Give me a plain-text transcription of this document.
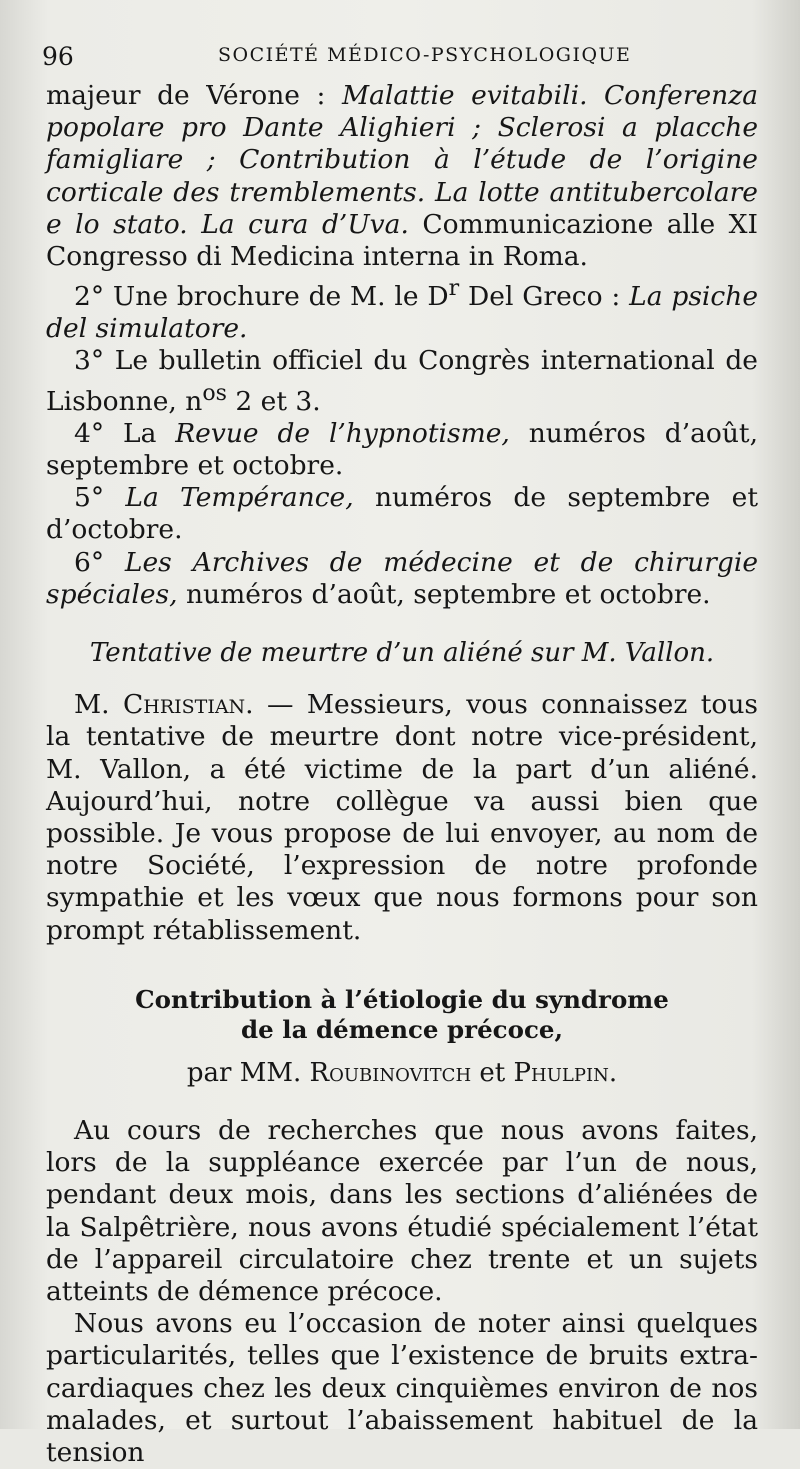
96	SOCIÉTÉ MÉDICO-PSYCHOLOGIQUE

majeur de Vérone : Malattie evitabili. Conferenza popolare pro Dante Alighieri ; Sclerosi a placche famigliare ; Contribution à l’étude de l’origine corticale des tremblements. La lotte antitubercolare e lo stato. La cura d’Uva. Communicazione alle XI Congresso di Medicina interna in Roma.

2° Une brochure de M. le $D^r$ Del Greco : La psiche del simulatore.

3° Le bulletin officiel du Congrès international de Lisbonne, $n^{os}$ 2 et 3.

4° La Revue de l’hypnotisme, numéros d’août, septembre et octobre.

5° La Tempérance, numéros de septembre et d’octobre.

6° Les Archives de médecine et de chirurgie spéciales, numéros d’août, septembre et octobre.

Tentative de meurtre d’un aliéné sur M. Vallon.

M. Christian. — Messieurs, vous connaissez tous la tentative de meurtre dont notre vice-président, M. Vallon, a été victime de la part d’un aliéné. Aujourd’hui, notre collègue va aussi bien que possible. Je vous propose de lui envoyer, au nom de notre Société, l’expression de notre profonde sympathie et les vœux que nous formons pour son prompt rétablissement.

Contribution à l’étiologie du syndrome
de la démence précoce,
par MM. Roubinovitch et Phulpin.

Au cours de recherches que nous avons faites, lors de la suppléance exercée par l’un de nous, pendant deux mois, dans les sections d’aliénées de la Salpêtrière, nous avons étudié spécialement l’état de l’appareil circulatoire chez trente et un sujets atteints de démence précoce.

Nous avons eu l’occasion de noter ainsi quelques particularités, telles que l’existence de bruits extra-cardiaques chez les deux cinquièmes environ de nos malades, et surtout l’abaissement habituel de la tension
